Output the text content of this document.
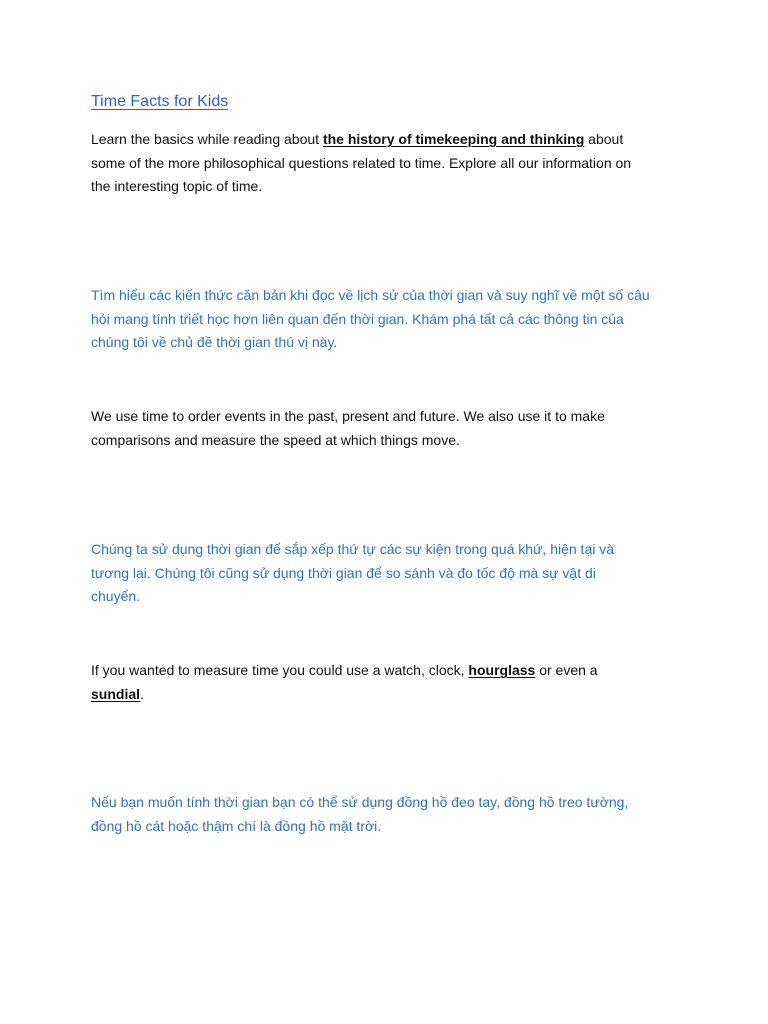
Time Facts for Kids

Learn the basics while reading about the history of timekeeping and thinking about
some of the more philosophical questions related to time. Explore all our information on
the interesting topic of time.

Tìm hiểu các kiến thức căn bản khi đọc về lịch sử của thời gian và suy nghĩ về một số câu
hỏi mang tính triết học hơn liên quan đến thời gian. Khám phá tất cả các thông tin của
chúng tôi về chủ đề thời gian thú vị này.

We use time to order events in the past, present and future. We also use it to make
comparisons and measure the speed at which things move.

Chúng ta sử dụng thời gian để sắp xếp thứ tự các sự kiện trong quá khứ, hiện tại và
tương lai. Chúng tôi cũng sử dụng thời gian để so sánh và đo tốc độ mà sự vật di
chuyển.

If you wanted to measure time you could use a watch, clock, hourglass or even a
sundial.

Nếu bạn muốn tính thời gian bạn có thể sử dụng đồng hồ đeo tay, đồng hồ treo tường,
đồng hồ cát hoặc thậm chí là đồng hồ mặt trời.
